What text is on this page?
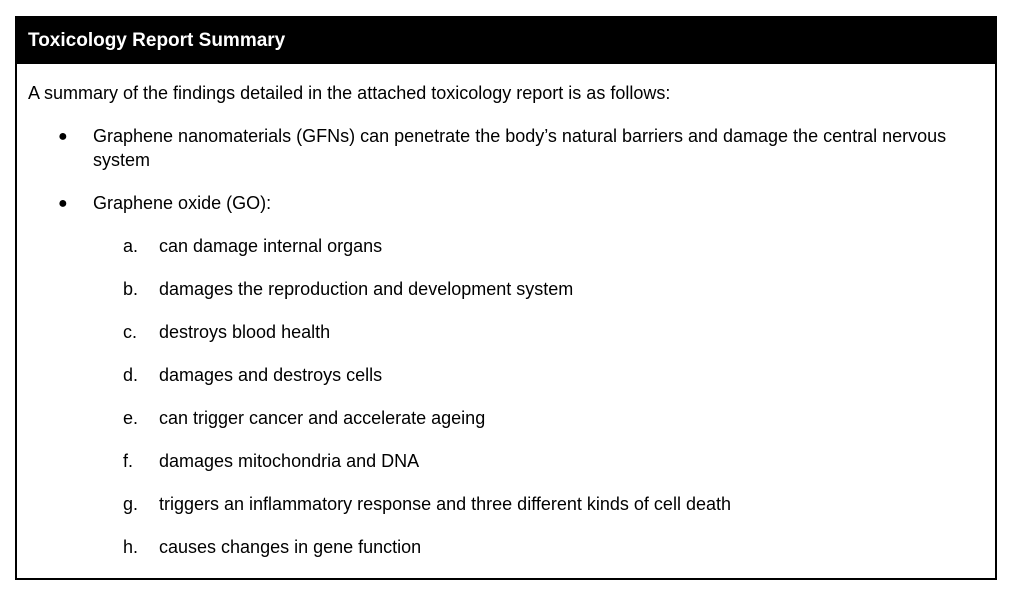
Toxicology Report Summary
A summary of the findings detailed in the attached toxicology report is as follows:
●	Graphene nanomaterials (GFNs) can penetrate the body’s natural barriers and damage the central nervous system
●	Graphene oxide (GO):
a.	can damage internal organs
b.	damages the reproduction and development system
c.	destroys blood health
d.	damages and destroys cells
e.	can trigger cancer and accelerate ageing
f.	damages mitochondria and DNA
g.	triggers an inflammatory response and three different kinds of cell death
h.	causes changes in gene function
